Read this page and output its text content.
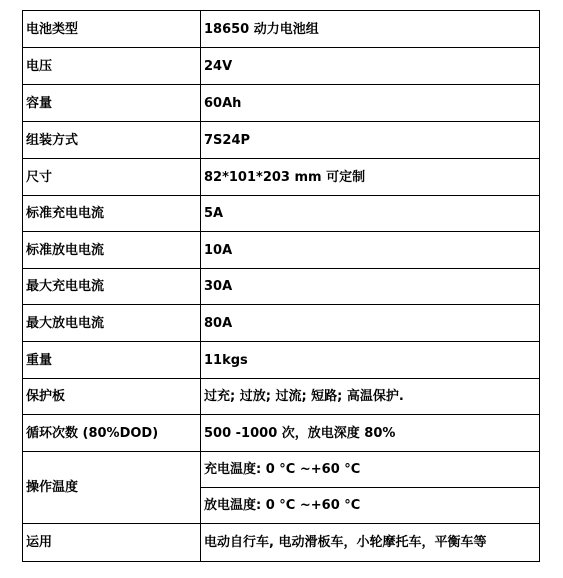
电池类型	18650 动力电池组
电压	24V
容量	60Ah
组装方式	7S24P
尺寸	82*101*203 mm 可定制
标准充电电流	5A
标准放电电流	10A
最大充电电流	30A
最大放电电流	80A
重量	11kgs
保护板	过充; 过放; 过流; 短路; 高温保护.
循环次数 (80%DOD)	500 -1000 次，放电深度 80%
操作温度	充电温度: 0 °C ~+60 °C
	放电温度: 0 °C ~+60 °C
运用	电动自行车, 电动滑板车，小轮摩托车，平衡车等
